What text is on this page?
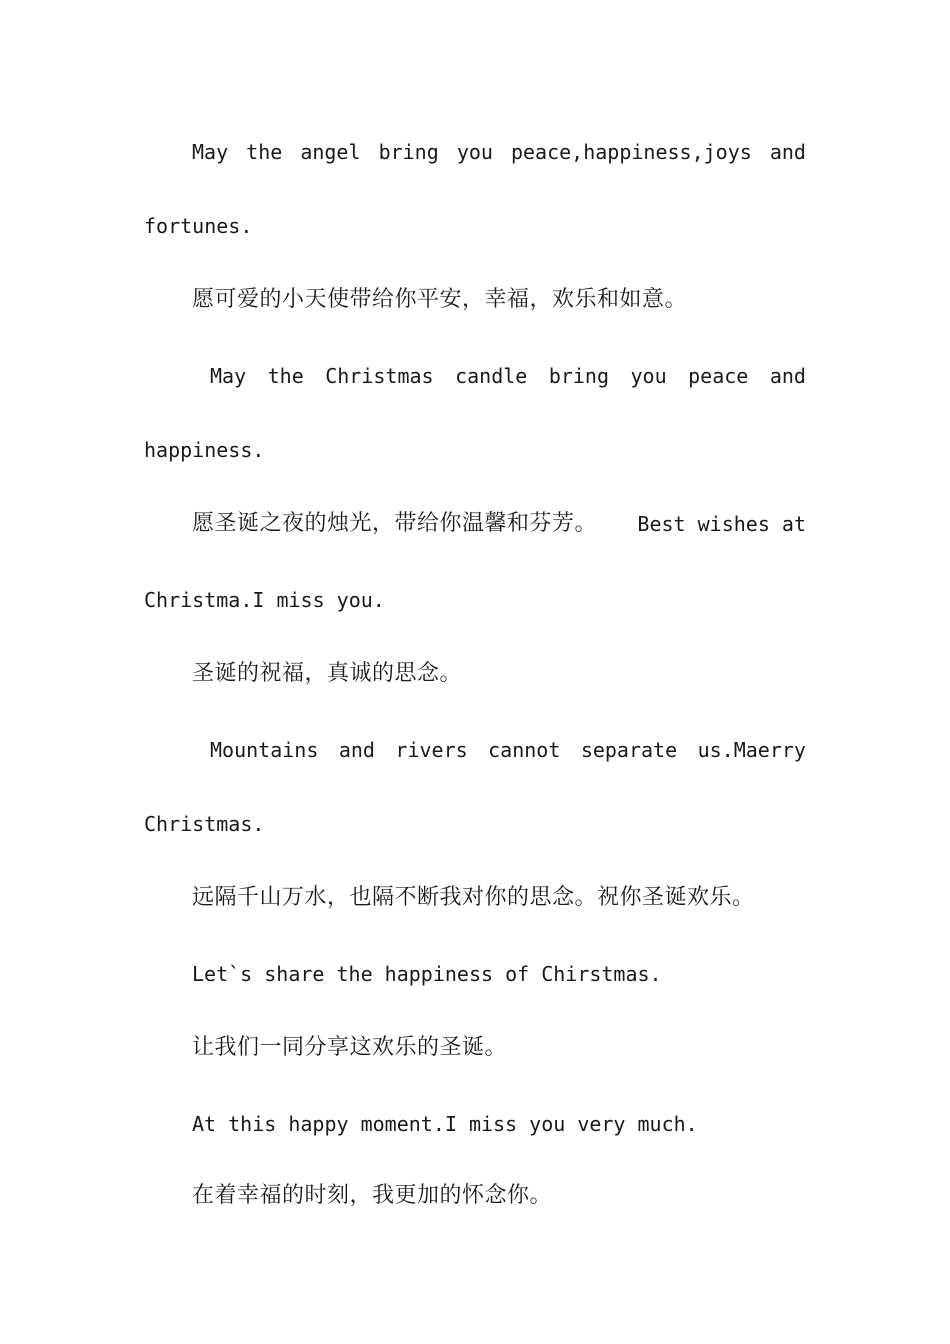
May the angel bring you peace,happiness,joys and
fortunes.
愿可爱的小天使带给你平安，幸福，欢乐和如意。
May the Christmas candle bring you peace and
happiness.
愿圣诞之夜的烛光，带给你温馨和芬芳。 Best wishes at
Christma.I miss you.
圣诞的祝福，真诚的思念。
Mountains and rivers cannot separate us.Maerry
Christmas.
远隔千山万水，也隔不断我对你的思念。祝你圣诞欢乐。
Let`s share the happiness of Chirstmas.
让我们一同分享这欢乐的圣诞。
At this happy moment.I miss you very much.
在着幸福的时刻，我更加的怀念你。
